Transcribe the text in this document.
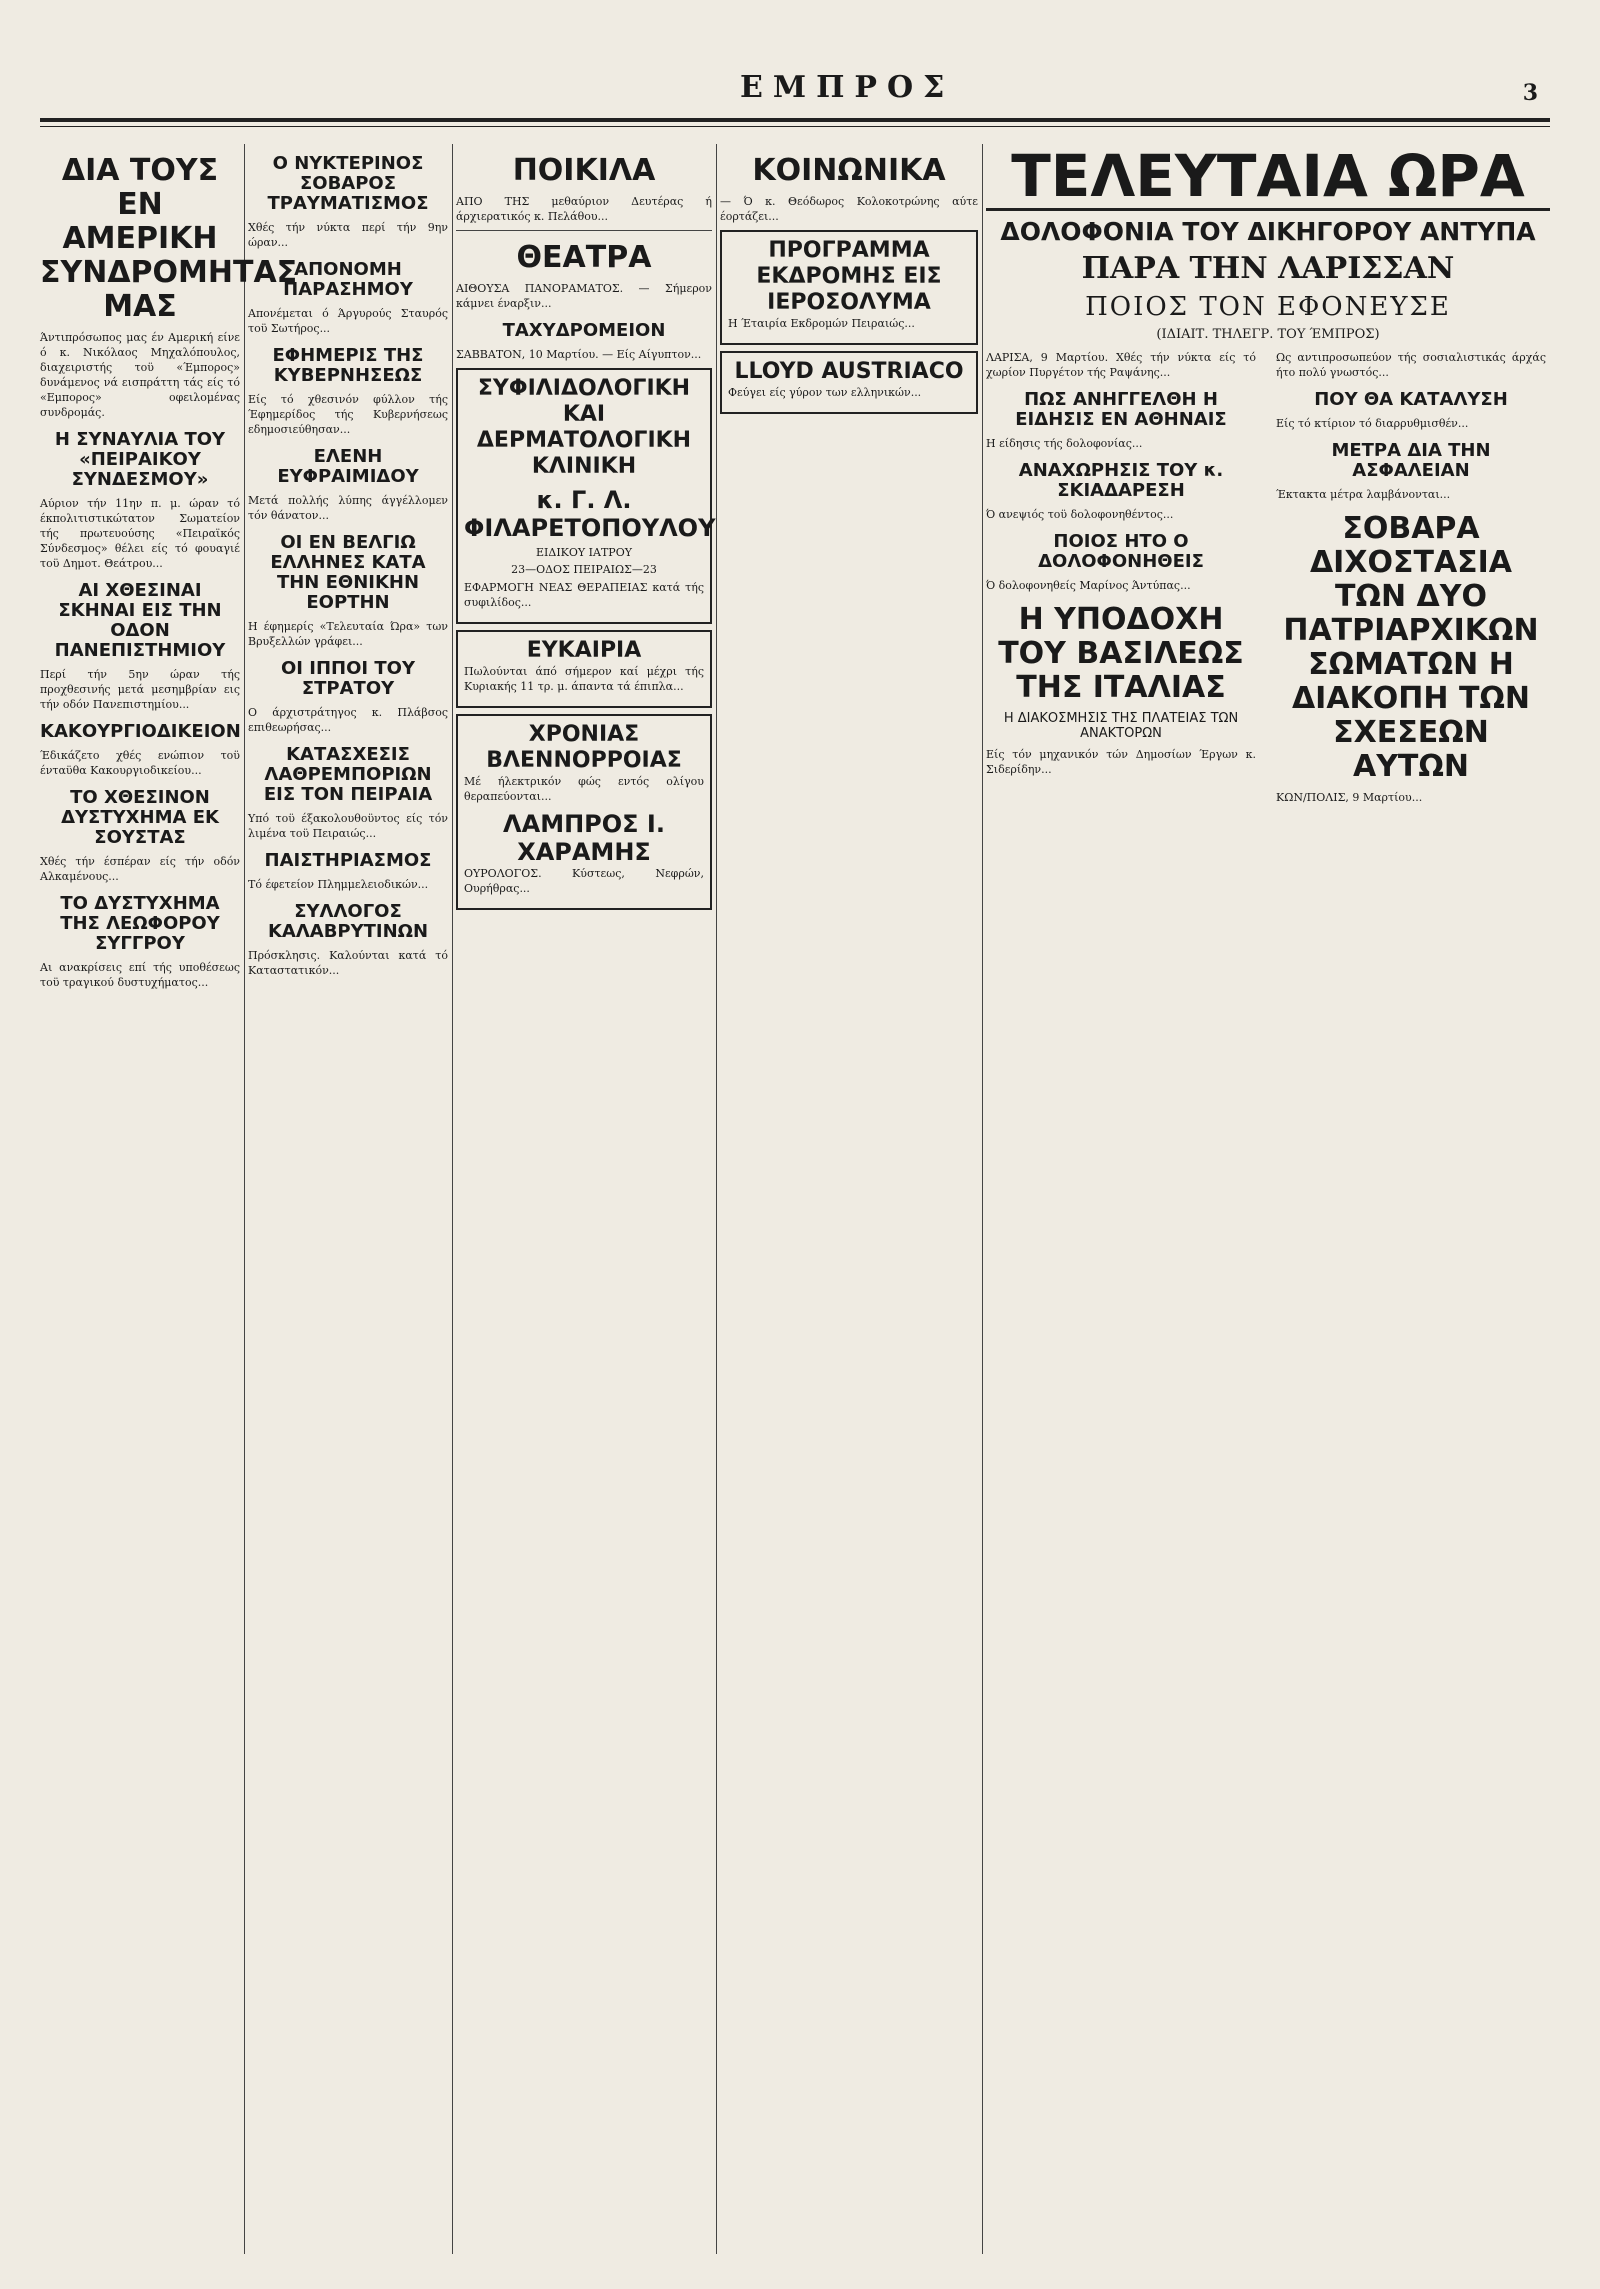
ΕΜΠΡΟΣ	3
ΔΙΑ ΤΟΥΣ ΕΝ ΑΜΕΡΙΚΗ ΣΥΝΔΡΟΜΗΤΑΣ ΜΑΣ

Άντιπρόσωπος μας έν Αμερική είνε ό κ. Νικόλαος Μηχαλόπουλος, διαχειριστής τοϋ «Έμπορος» δυνάμενος νά εισπράττη τάς είς τό «Εμπορος» οφειλομένας συνδρομάς.

Η ΣΥΝΑΥΛΙΑ ΤΟΥ «ΠΕΙΡΑΙΚΟΥ ΣΥΝΔΕΣΜΟΥ»

Αύριον τήν 11ην π. μ. ώραν τό έκπολιτιστικώτατον Σωματείον τής πρωτευούσης «Πειραϊκός Σύνδεσμος» θέλει είς τό φουαγιέ τοϋ Δημοτ. Θεάτρου...

ΑΙ ΧΘΕΣΙΝΑΙ ΣΚΗΝΑΙ ΕΙΣ ΤΗΝ ΟΔΟΝ ΠΑΝΕΠΙΣΤΗΜΙΟΥ

Περί τήν 5ην ώραν τής προχθεσινής μετά μεσημβρίαν εις τήν οδόν Πανεπιστημίου...

ΚΑΚΟΥΡΓΙΟΔΙΚΕΙΟΝ

Έδικάζετο χθές ενώπιον τοϋ ένταϋθα Κακουργιοδικείου...

ΤΟ ΧΘΕΣΙΝΟΝ ΔΥΣΤΥΧΗΜΑ ΕΚ ΣΟΥΣΤΑΣ

Χθές τήν έσπέραν είς τήν οδόν Αλκαμένους...

ΤΟ ΔΥΣΤΥΧΗΜΑ ΤΗΣ ΛΕΩΦΟΡΟΥ ΣΥΓΓΡΟΥ

Αι ανακρίσεις επί τής υποθέσεως τοϋ τραγικού δυστυχήματος...

Ο ΝΥΚΤΕΡΙΝΟΣ ΣΟΒΑΡΟΣ ΤΡΑΥΜΑΤΙΣΜΟΣ

Χθές τήν νύκτα περί τήν 9ην ώραν...

ΑΠΟΝΟΜΗ ΠΑΡΑΣΗΜΟΥ

Απονέμεται ό Άργυρούς Σταυρός τοϋ Σωτήρος...

ΕΦΗΜΕΡΙΣ ΤΗΣ ΚΥΒΕΡΝΗΣΕΩΣ

Είς τό χθεσινόν φύλλον τής Έφημερίδος τής Κυβερνήσεως εδημοσιεύθησαν...

ΕΛΕΝΗ ΕΥΦΡΑΙΜΙΔΟΥ

Μετά πολλής λύπης άγγέλλομεν τόν θάνατον...

ΟΙ ΕΝ ΒΕΛΓΙΩ ΕΛΛΗΝΕΣ ΚΑΤΑ ΤΗΝ ΕΘΝΙΚΗΝ ΕΟΡΤΗΝ

Η έφημερίς «Τελευταία Ώρα» των Βρυξελλών γράφει...

ΟΙ ΙΠΠΟΙ ΤΟΥ ΣΤΡΑΤΟΥ

Ο άρχιστράτηγος κ. Πλάβσος επιθεωρήσας...

ΚΑΤΑΣΧΕΣΙΣ ΛΑΘΡΕΜΠΟΡΙΩΝ ΕΙΣ ΤΟΝ ΠΕΙΡΑΙΑ

Υπό τοϋ έξακολουθοϋντος είς τόν λιμένα τοϋ Πειραιώς...

ΠΑΙΣΤΗΡΙΑΣΜΟΣ

Τό έφετείον Πλημμελειοδικών...

ΣΥΛΛΟΓΟΣ ΚΑΛΑΒΡΥΤΙΝΩΝ

Πρόσκλησις. Καλούνται κατά τό Καταστατικόν...

ΠΟΙΚΙΛΑ

ΑΠΟ ΤΗΣ μεθαύριον Δευτέρας ή άρχιερατικός κ. Πελάθου...

ΘΕΑΤΡΑ

ΑΙΘΟΥΣΑ ΠΑΝΟΡΑΜΑΤΟΣ. — Σήμερον κάμνει έναρξιν...

ΤΑΧΥΔΡΟΜΕΙΟΝ

ΣΑΒΒΑΤΟΝ, 10 Μαρτίου. — Είς Αίγυπτον...

ΣΥΦΙΛΙΔΟΛΟΓΙΚΗ ΚΑΙ ΔΕΡΜΑΤΟΛΟΓΙΚΗ ΚΛΙΝΙΚΗ
κ. Γ. Λ. ΦΙΛΑΡΕΤΟΠΟΥΛΟΥ
ΕΙΔΙΚΟΥ ΙΑΤΡΟΥ
23—ΟΔΟΣ ΠΕΙΡΑΙΩΣ—23

ΕΦΑΡΜΟΓΗ ΝΕΑΣ ΘΕΡΑΠΕΙΑΣ κατά τής συφιλίδος...

ΕΥΚΑΙΡΙΑ

Πωλούνται άπό σήμερον καί μέχρι τής Κυριακής 11 τρ. μ. άπαντα τά έπιπλα...

ΧΡΟΝΙΑΣ ΒΛΕΝΝΟΡΡΟΙΑΣ

Μέ ήλεκτρικόν φώς εντός ολίγου θεραπεύονται...

ΛΑΜΠΡΟΣ Ι. ΧΑΡΑΜΗΣ

ΟΥΡΟΛΟΓΟΣ. Κύστεως, Νεφρών, Ουρήθρας...

ΚΟΙΝΩΝΙΚΑ

— Ό κ. Θεόδωρος Κολοκοτρώνης αύτε έορτάζει...

ΠΡΟΓΡΑΜΜΑ ΕΚΔΡΟΜΗΣ ΕΙΣ ΙΕΡΟΣΟΛΥΜΑ

Η Έταιρία Εκδρομών Πειραιώς...

LLOYD AUSTRIACO

Φεύγει είς γύρον των ελληνικών...

ΤΕΛΕΥΤΑΙΑ ΩΡΑ
ΔΟΛΟΦΟΝΙΑ ΤΟΥ ΔΙΚΗΓΟΡΟΥ ΑΝΤΥΠΑ
ΠΑΡΑ ΤΗΝ ΛΑΡΙΣΣΑΝ
ΠΟΙΟΣ ΤΟΝ ΕΦΟΝΕΥΣΕ
(ΙΔΙΑΙΤ. ΤΗΛΕΓΡ. ΤΟΥ ΈΜΠΡΟΣ)

ΛΑΡΙΣΑ, 9 Μαρτίου. Χθές τήν νύκτα είς τό χωρίον Πυργέτον τής Ραψάνης...

ΠΩΣ ΑΝΗΓΓΕΛΘΗ Η ΕΙΔΗΣΙΣ ΕΝ ΑΘΗΝΑΙΣ

Η είδησις τής δολοφονίας...

ΑΝΑΧΩΡΗΣΙΣ ΤΟΥ κ. ΣΚΙΑΔΑΡΕΣΗ

Ό ανεψιός τοϋ δολοφονηθέντος...

ΠΟΙΟΣ ΗΤΟ Ο ΔΟΛΟΦΟΝΗΘΕΙΣ

Ό δολοφονηθείς Μαρίνος Άντύπας...

Η ΥΠΟΔΟΧΗ ΤΟΥ ΒΑΣΙΛΕΩΣ ΤΗΣ ΙΤΑΛΙΑΣ
Η ΔΙΑΚΟΣΜΗΣΙΣ ΤΗΣ ΠΛΑΤΕΙΑΣ ΤΩΝ ΑΝΑΚΤΟΡΩΝ

Είς τόν μηχανικόν τών Δημοσίων Έργων κ. Σιδερίδην...

Ως αντιπροσωπεύον τής σοσιαλιστικάς άρχάς ήτο πολύ γνωστός...

ΠΟΥ ΘΑ ΚΑΤΑΛΥΣΗ

Είς τό κτίριον τό διαρρυθμισθέν...

ΜΕΤΡΑ ΔΙΑ ΤΗΝ ΑΣΦΑΛΕΙΑΝ

Έκτακτα μέτρα λαμβάνονται...

ΣΟΒΑΡΑ ΔΙΧΟΣΤΑΣΙΑ ΤΩΝ ΔΥΟ ΠΑΤΡΙΑΡΧΙΚΩΝ ΣΩΜΑΤΩΝ Η ΔΙΑΚΟΠΗ ΤΩΝ ΣΧΕΣΕΩΝ ΑΥΤΩΝ

ΚΩΝ/ΠΟΛΙΣ, 9 Μαρτίου...
